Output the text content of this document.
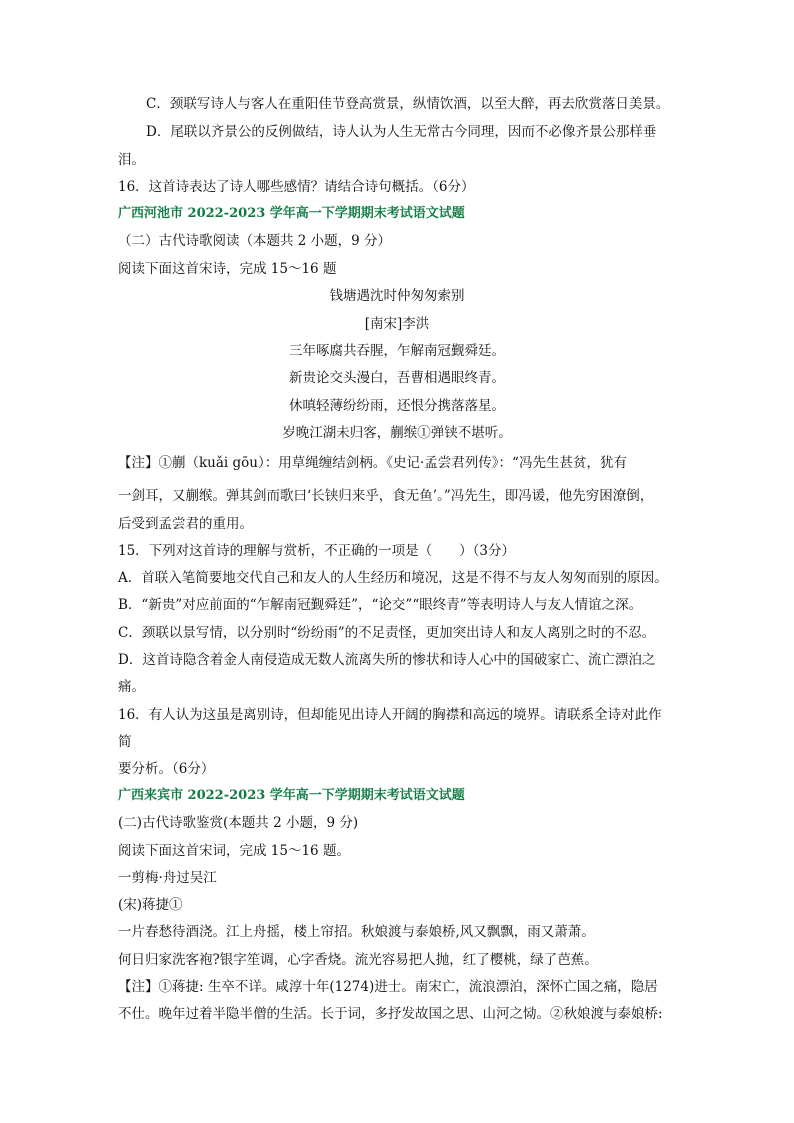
C．颈联写诗人与客人在重阳佳节登高赏景，纵情饮酒，以至大醉，再去欣赏落日美景。
D．尾联以齐景公的反例做结，诗人认为人生无常古今同理，因而不必像齐景公那样垂
泪。
16．这首诗表达了诗人哪些感情？请结合诗句概括。（6分）
广西河池市 2022-2023 学年高一下学期期末考试语文试题
（二）古代诗歌阅读（本题共 2 小题，9 分）
阅读下面这首宋诗，完成 15～16 题
钱塘遇沈时仲匆匆索别
[南宋]李洪
三年啄腐共吞腥，乍解南冠觐舜廷。
新贵论交头漫白，吾曹相遇眼终青。
休嗔轻薄纷纷雨，还恨分携落落星。
岁晚江湖未归客，蒯缑①弹铗不堪听。
【注】①蒯（kuǎi gōu）：用草绳缠结剑柄。《史记·孟尝君列传》：“冯先生甚贫，犹有
一剑耳，又蒯缑。弹其剑而歌曰‘长铗归来乎，食无鱼’。”冯先生，即冯谖，他先穷困潦倒，
后受到孟尝君的重用。
15．下列对这首诗的理解与赏析，不正确的一项是（　　）（3分）
A．首联入笔简要地交代自己和友人的人生经历和境况，这是不得不与友人匆匆而别的原因。
B．“新贵”对应前面的“乍解南冠觐舜廷”，“论交”“眼终青”等表明诗人与友人情谊之深。
C．颈联以景写情，以分别时“纷纷雨”的不足责怪，更加突出诗人和友人离别之时的不忍。
D．这首诗隐含着金人南侵造成无数人流离失所的惨状和诗人心中的国破家亡、流亡漂泊之
痛。
16．有人认为这虽是离别诗，但却能见出诗人开阔的胸襟和高远的境界。请联系全诗对此作
简
要分析。（6分）
广西来宾市 2022-2023 学年高一下学期期末考试语文试题
(二)古代诗歌鉴赏(本题共 2 小题，9 分)
阅读下面这首宋词，完成 15～16 题。
一剪梅·舟过吴江
(宋)蒋捷①
一片春愁待酒浇。江上舟摇，楼上帘招。秋娘渡与泰娘桥,风又飘飘，雨又萧萧。
何日归家洗客袍?银字笙调，心字香烧。流光容易把人抛，红了樱桃，绿了芭蕉。
【注】①蒋捷: 生卒不详。咸淳十年(1274)进士。南宋亡，流浪漂泊，深怀亡国之痛，隐居
不仕。晚年过着半隐半僧的生活。长于词，多抒发故国之思、山河之恸。②秋娘渡与泰娘桥:
